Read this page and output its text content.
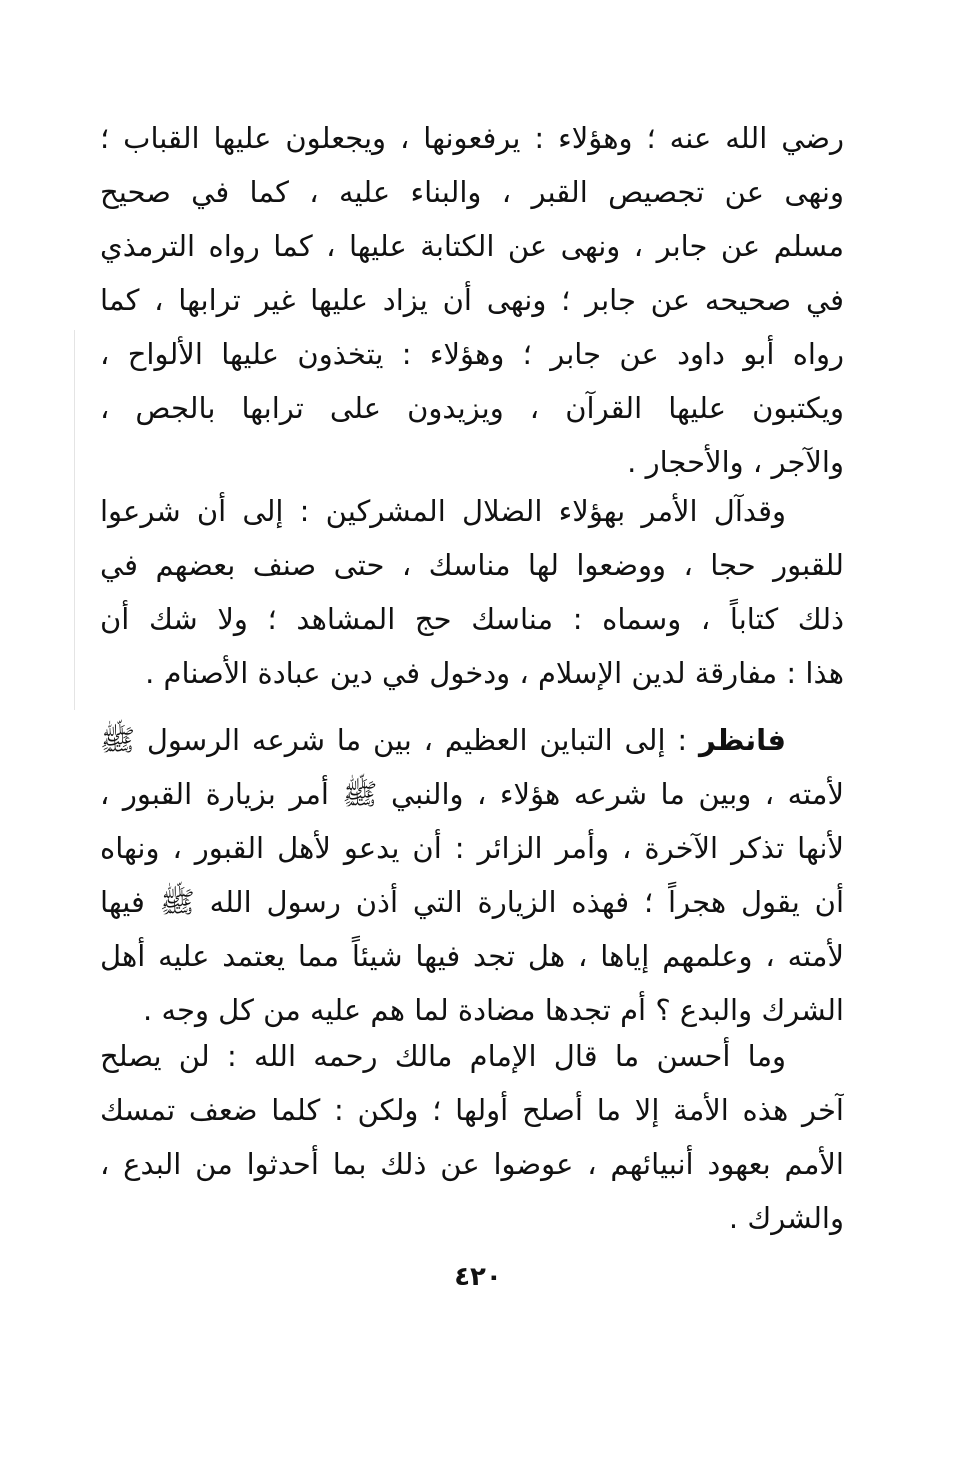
رضي الله عنه ؛ وهؤلاء : يرفعونها ، ويجعلون عليها القباب ؛
ونهى عن تجصيص القبر ، والبناء عليه ، كما في صحيح
مسلم عن جابر ، ونهى عن الكتابة عليها ، كما رواه الترمذي
في صحيحه عن جابر ؛ ونهى أن يزاد عليها غير ترابها ، كما
رواه أبو داود عن جابر ؛ وهؤلاء : يتخذون عليها الألواح ،
ويكتبون عليها القرآن ، ويزيدون على ترابها بالجص ،
والآجر ، والأحجار .
وقدآل الأمر بهؤلاء الضلال المشركين : إلى أن شرعوا
للقبور حجا ، ووضعوا لها مناسك ، حتى صنف بعضهم في
ذلك كتاباً ، وسماه : مناسك حج المشاهد ؛ ولا شك أن
هذا : مفارقة لدين الإسلام ، ودخول في دين عبادة الأصنام .
فانظر : إلى التباين العظيم ، بين ما شرعه الرسول ﷺ
لأمته ، وبين ما شرعه هؤلاء ، والنبي ﷺ أمر بزيارة القبور ،
لأنها تذكر الآخرة ، وأمر الزائر : أن يدعو لأهل القبور ، ونهاه
أن يقول هجراً ؛ فهذه الزيارة التي أذن رسول الله ﷺ فيها
لأمته ، وعلمهم إياها ، هل تجد فيها شيئاً مما يعتمد عليه أهل
الشرك والبدع ؟ أم تجدها مضادة لما هم عليه من كل وجه .
وما أحسن ما قال الإمام مالك رحمه الله : لن يصلح
آخر هذه الأمة إلا ما أصلح أولها ؛ ولكن : كلما ضعف تمسك
الأمم بعهود أنبيائهم ، عوضوا عن ذلك بما أحدثوا من البدع ،
والشرك .
٤٢٠
